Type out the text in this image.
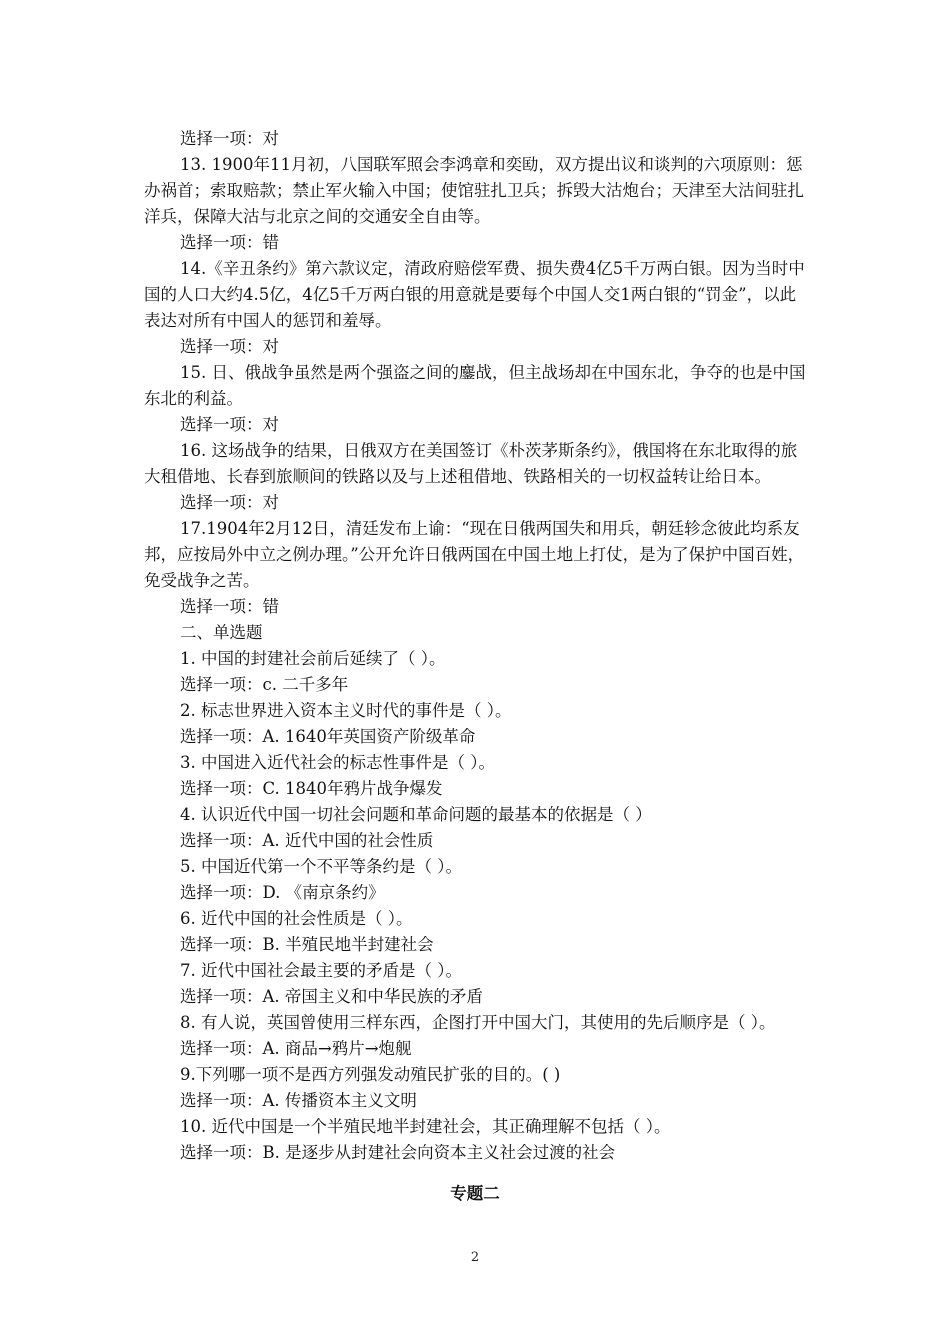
选择一项：对

13. 1900年11月初，八国联军照会李鸿章和奕劻，双方提出议和谈判的六项原则：惩办祸首；索取赔款；禁止军火输入中国；使馆驻扎卫兵；拆毁大沽炮台；天津至大沽间驻扎洋兵，保障大沽与北京之间的交通安全自由等。

选择一项：错

14.《辛丑条约》第六款议定，清政府赔偿军费、损失费4亿5千万两白银。因为当时中国的人口大约4.5亿，4亿5千万两白银的用意就是要每个中国人交1两白银的“罚金”，以此表达对所有中国人的惩罚和羞辱。

选择一项：对

15. 日、俄战争虽然是两个强盗之间的鏖战，但主战场却在中国东北，争夺的也是中国东北的利益。

选择一项：对

16. 这场战争的结果，日俄双方在美国签订《朴茨茅斯条约》，俄国将在东北取得的旅大租借地、长春到旅顺间的铁路以及与上述租借地、铁路相关的一切权益转让给日本。

选择一项：对

17.1904年2月12日，清廷发布上谕：“现在日俄两国失和用兵，朝廷轸念彼此均系友邦，应按局外中立之例办理。”公开允许日俄两国在中国土地上打仗，是为了保护中国百姓，免受战争之苦。

选择一项：错

二、单选题

1. 中国的封建社会前后延续了（ ）。

选择一项：c. 二千多年

2. 标志世界进入资本主义时代的事件是（ ）。

选择一项：A. 1640年英国资产阶级革命

3. 中国进入近代社会的标志性事件是（ ）。

选择一项：C. 1840年鸦片战争爆发

4. 认识近代中国一切社会问题和革命问题的最基本的依据是（ ）

选择一项：A. 近代中国的社会性质

5. 中国近代第一个不平等条约是（ ）。

选择一项：D. 《南京条约》

6. 近代中国的社会性质是（ ）。

选择一项：B. 半殖民地半封建社会

7. 近代中国社会最主要的矛盾是（ ）。

选择一项：A. 帝国主义和中华民族的矛盾

8. 有人说，英国曾使用三样东西，企图打开中国大门，其使用的先后顺序是（ ）。

选择一项：A. 商品→鸦片→炮舰

9.下列哪一项不是西方列强发动殖民扩张的目的。( )

选择一项：A. 传播资本主义文明

10. 近代中国是一个半殖民地半封建社会，其正确理解不包括（ ）。

选择一项：B. 是逐步从封建社会向资本主义社会过渡的社会

专题二
2
